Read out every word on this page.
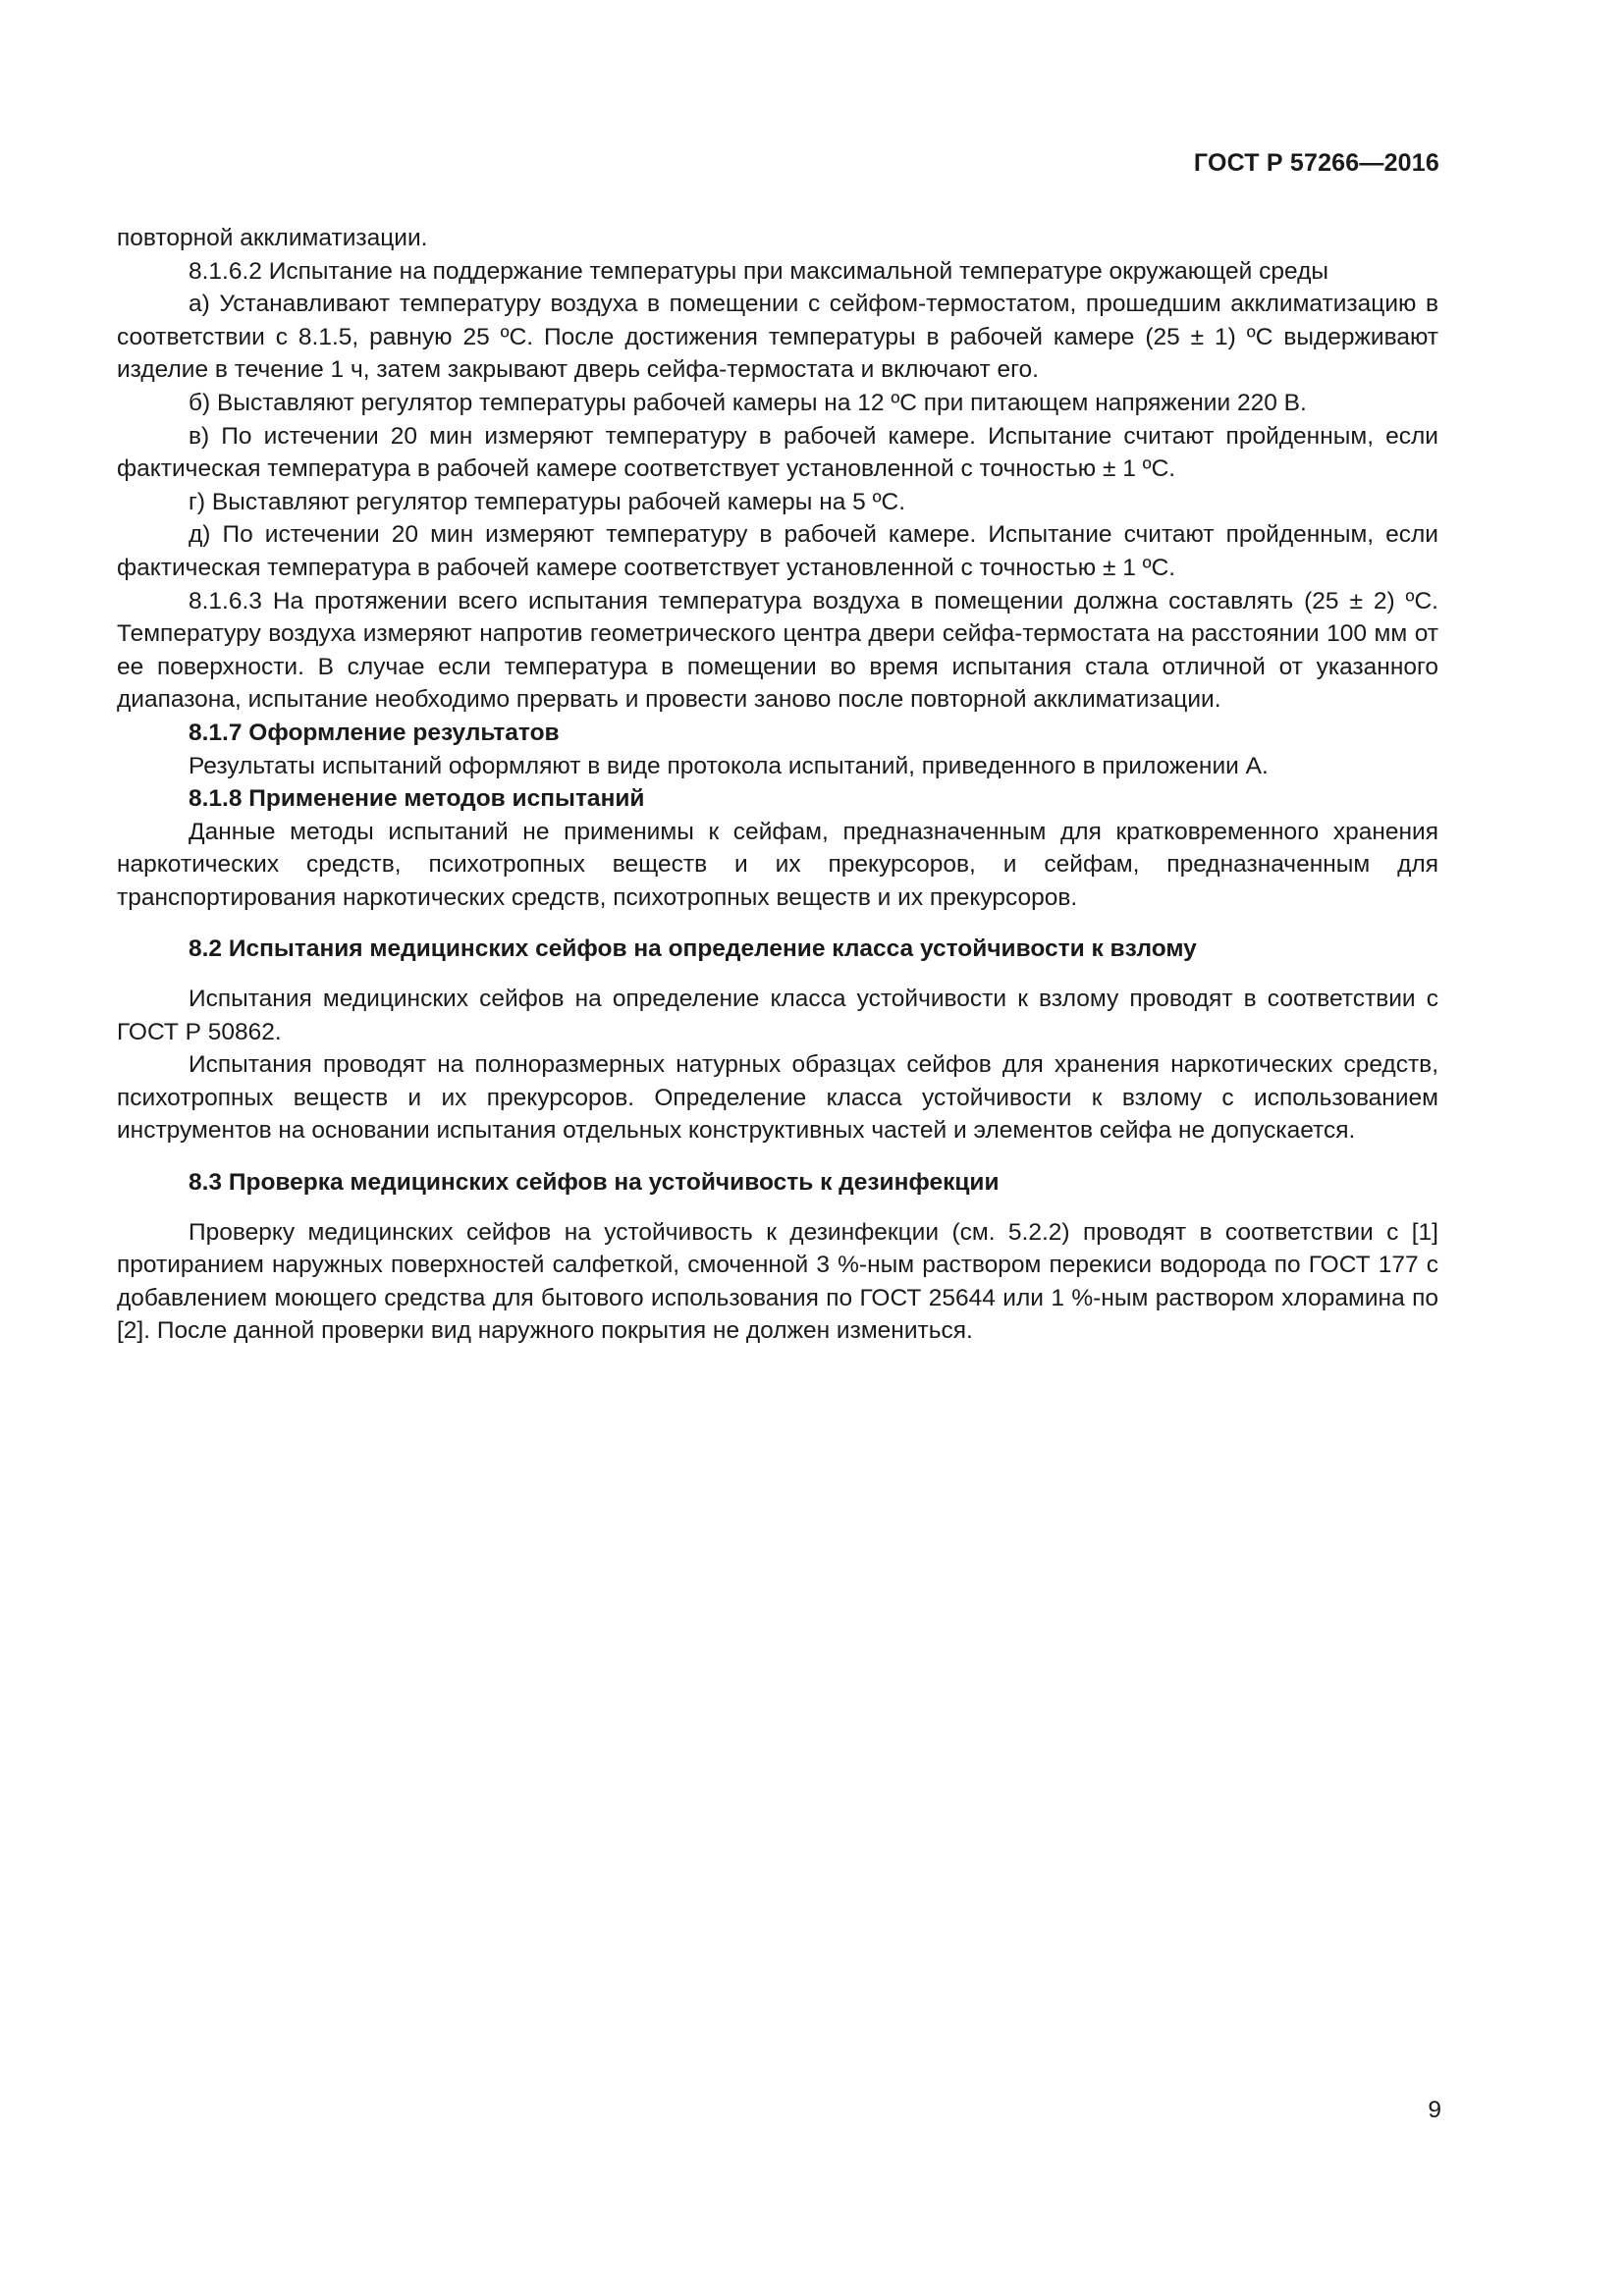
ГОСТ Р 57266—2016

повторной акклиматизации.

8.1.6.2 Испытание на поддержание температуры при максимальной температуре окружающей среды

а) Устанавливают температуру воздуха в помещении с сейфом-термостатом, прошедшим акклиматизацию в соответствии с 8.1.5, равную 25 ºС. После достижения температуры в рабочей камере (25 ± 1) ºС выдерживают изделие в течение 1 ч, затем закрывают дверь сейфа-термостата и включают его.

б) Выставляют регулятор температуры рабочей камеры на 12 ºС при питающем напряжении 220 В.

в) По истечении 20 мин измеряют температуру в рабочей камере. Испытание считают пройденным, если фактическая температура в рабочей камере соответствует установленной с точностью ± 1 ºС.

г) Выставляют регулятор температуры рабочей камеры на 5 ºС.

д) По истечении 20 мин измеряют температуру в рабочей камере. Испытание считают пройденным, если фактическая температура в рабочей камере соответствует установленной с точностью ± 1 ºС.

8.1.6.3 На протяжении всего испытания температура воздуха в помещении должна составлять (25 ± 2) ºС. Температуру воздуха измеряют напротив геометрического центра двери сейфа-термостата на расстоянии 100 мм от ее поверхности. В случае если температура в помещении во время испытания стала отличной от указанного диапазона, испытание необходимо прервать и провести заново после повторной акклиматизации.

8.1.7 Оформление результатов

Результаты испытаний оформляют в виде протокола испытаний, приведенного в приложении А.

8.1.8 Применение методов испытаний

Данные методы испытаний не применимы к сейфам, предназначенным для кратковременного хранения наркотических средств, психотропных веществ и их прекурсоров, и сейфам, предназначенным для транспортирования наркотических средств, психотропных веществ и их прекурсоров.

8.2 Испытания медицинских сейфов на определение класса устойчивости к взлому

Испытания медицинских сейфов на определение класса устойчивости к взлому проводят в соответствии с ГОСТ Р 50862.

Испытания проводят на полноразмерных натурных образцах сейфов для хранения наркотических средств, психотропных веществ и их прекурсоров. Определение класса устойчивости к взлому с использованием инструментов на основании испытания отдельных конструктивных частей и элементов сейфа не допускается.

8.3 Проверка медицинских сейфов на устойчивость к дезинфекции

Проверку медицинских сейфов на устойчивость к дезинфекции (см. 5.2.2) проводят в соответствии с [1] протиранием наружных поверхностей салфеткой, смоченной 3 %-ным раствором перекиси водорода по ГОСТ 177 с добавлением моющего средства для бытового использования по ГОСТ 25644 или 1 %-ным раствором хлорамина по [2]. После данной проверки вид наружного покрытия не должен измениться.

9
